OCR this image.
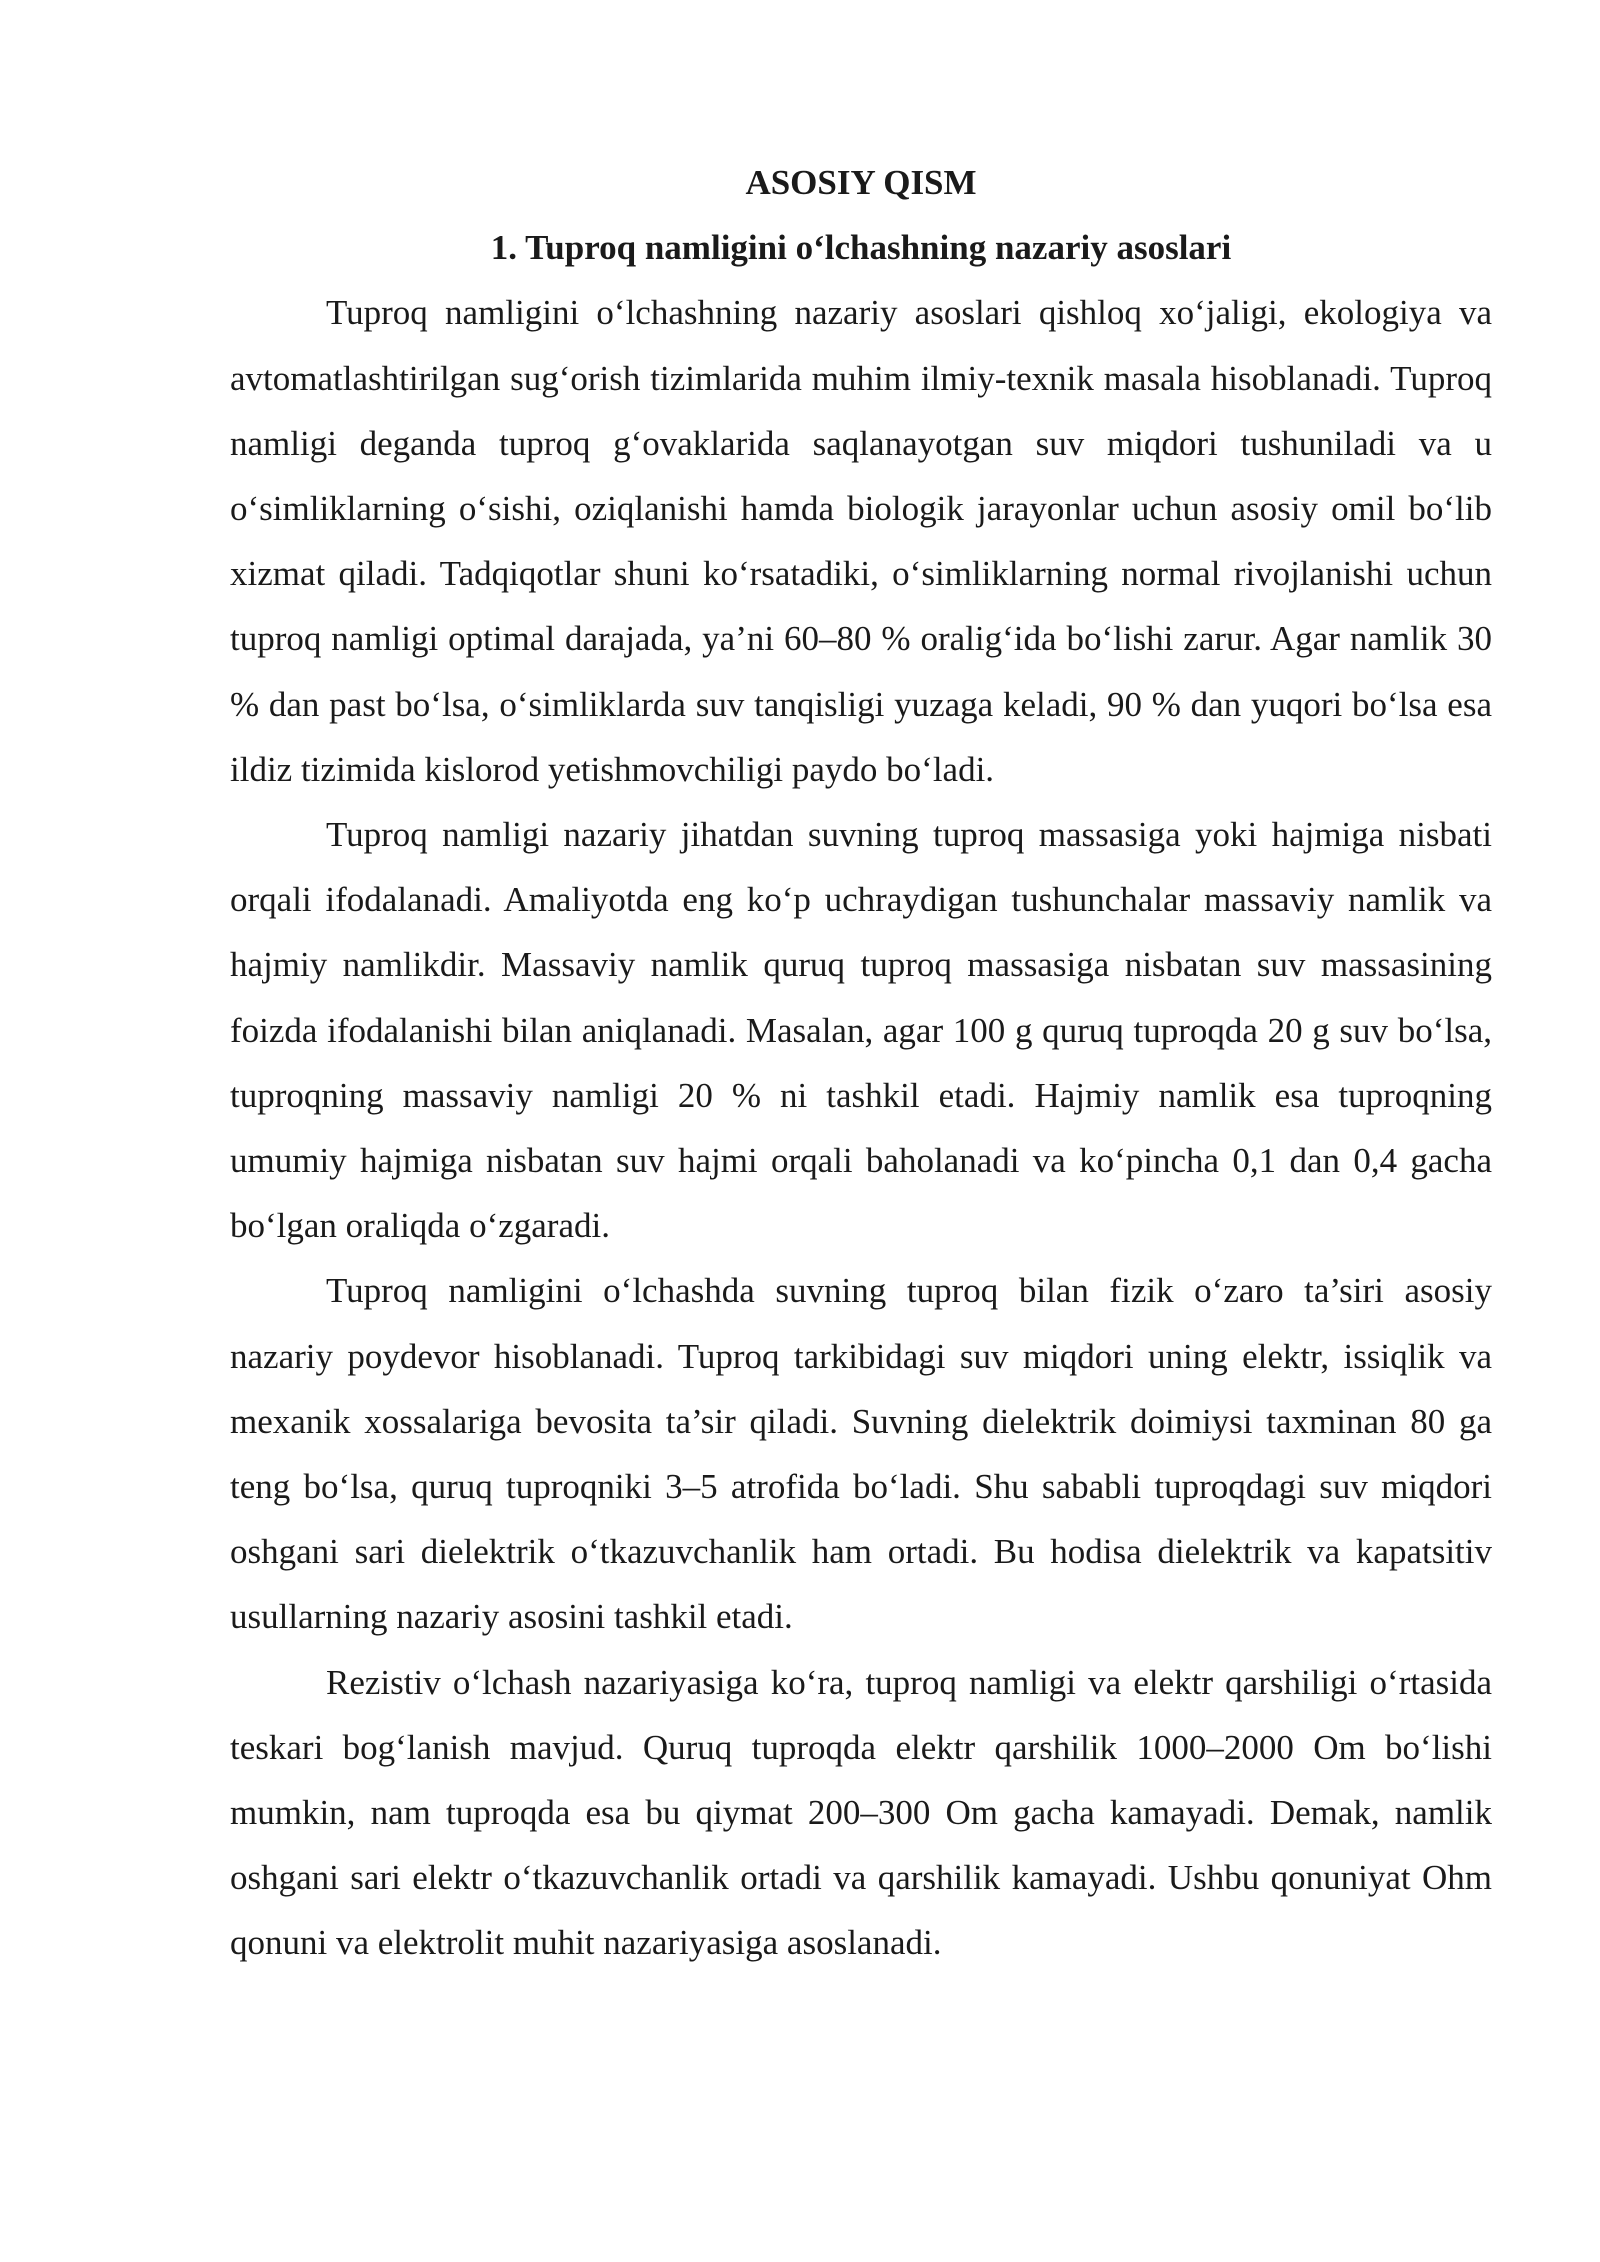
ASOSIY QISM

1. Tuproq namligini o‘lchashning nazariy asoslari

Tuproq namligini o‘lchashning nazariy asoslari qishloq xo‘jaligi, ekologiya va avtomatlashtirilgan sug‘orish tizimlarida muhim ilmiy-texnik masala hisoblanadi. Tuproq namligi deganda tuproq g‘ovaklarida saqlanayotgan suv miqdori tushuniladi va u o‘simliklarning o‘sishi, oziqlanishi hamda biologik jarayonlar uchun asosiy omil bo‘lib xizmat qiladi. Tadqiqotlar shuni ko‘rsatadiki, o‘simliklarning normal rivojlanishi uchun tuproq namligi optimal darajada, ya’ni 60–80 % oralig‘ida bo‘lishi zarur. Agar namlik 30 % dan past bo‘lsa, o‘simliklarda suv tanqisligi yuzaga keladi, 90 % dan yuqori bo‘lsa esa ildiz tizimida kislorod yetishmovchiligi paydo bo‘ladi.

Tuproq namligi nazariy jihatdan suvning tuproq massasiga yoki hajmiga nisbati orqali ifodalanadi. Amaliyotda eng ko‘p uchraydigan tushunchalar massaviy namlik va hajmiy namlikdir. Massaviy namlik quruq tuproq massasiga nisbatan suv massasining foizda ifodalanishi bilan aniqlanadi. Masalan, agar 100 g quruq tuproqda 20 g suv bo‘lsa, tuproqning massaviy namligi 20 % ni tashkil etadi. Hajmiy namlik esa tuproqning umumiy hajmiga nisbatan suv hajmi orqali baholanadi va ko‘pincha 0,1 dan 0,4 gacha bo‘lgan oraliqda o‘zgaradi.

Tuproq namligini o‘lchashda suvning tuproq bilan fizik o‘zaro ta’siri asosiy nazariy poydevor hisoblanadi. Tuproq tarkibidagi suv miqdori uning elektr, issiqlik va mexanik xossalariga bevosita ta’sir qiladi. Suvning dielektrik doimiysi taxminan 80 ga teng bo‘lsa, quruq tuproqniki 3–5 atrofida bo‘ladi. Shu sababli tuproqdagi suv miqdori oshgani sari dielektrik o‘tkazuvchanlik ham ortadi. Bu hodisa dielektrik va kapatsitiv usullarning nazariy asosini tashkil etadi.

Rezistiv o‘lchash nazariyasiga ko‘ra, tuproq namligi va elektr qarshiligi o‘rtasida teskari bog‘lanish mavjud. Quruq tuproqda elektr qarshilik 1000–2000 Om bo‘lishi mumkin, nam tuproqda esa bu qiymat 200–300 Om gacha kamayadi. Demak, namlik oshgani sari elektr o‘tkazuvchanlik ortadi va qarshilik kamayadi. Ushbu qonuniyat Ohm qonuni va elektrolit muhit nazariyasiga asoslanadi.
